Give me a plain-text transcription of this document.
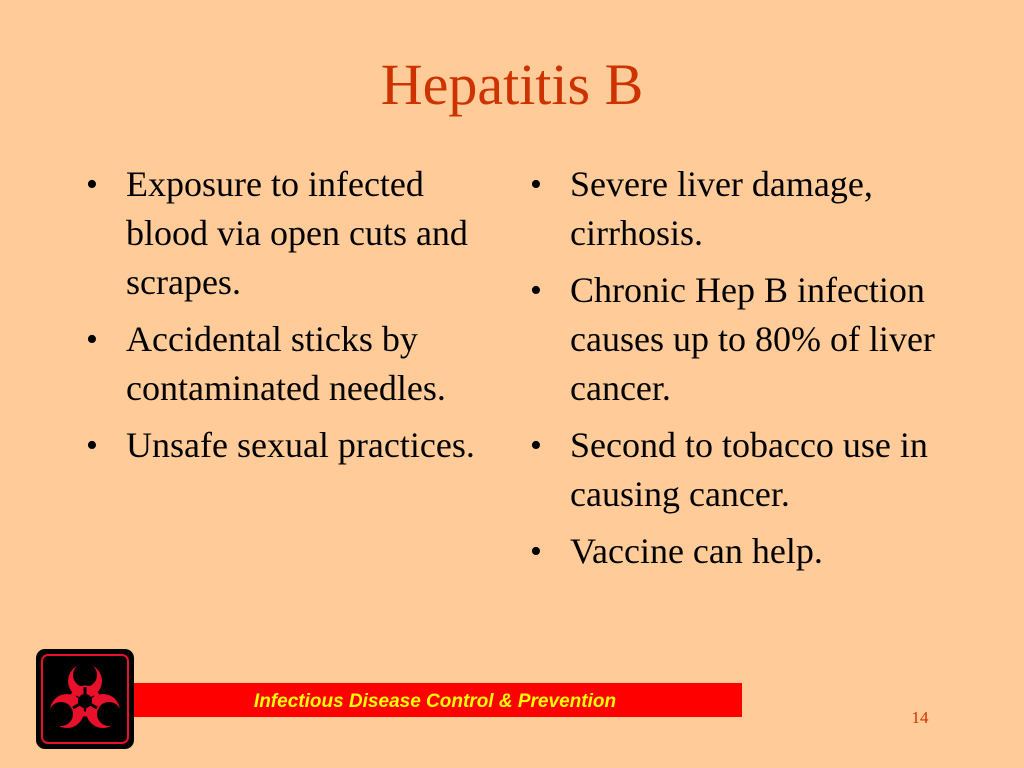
Hepatitis B
• Exposure to infected blood via open cuts and scrapes.
• Accidental sticks by contaminated needles.
• Unsafe sexual practices.
• Severe liver damage, cirrhosis.
• Chronic Hep B infection causes up to 80% of liver cancer.
• Second to tobacco use in causing cancer.
• Vaccine can help.
Infectious Disease Control & Prevention
14
